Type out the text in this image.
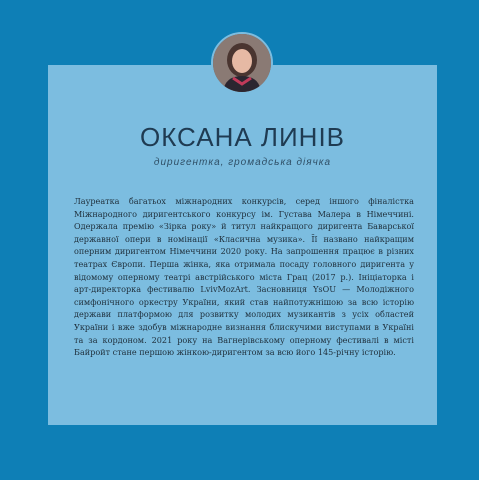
ОКСАНА ЛИНІВ
диригентка, громадська діячка

Лауреатка багатьох міжнародних конкурсів, серед іншого фіналістка Міжнародного диригентського конкурсу ім. Густава Малера в Німеччині. Одержала премію «Зірка року» й титул найкращого диригента Баварської державної опери в номінації «Класична музика». Її названо найкращим оперним диригентом Німеччини 2020 року. На запрошення працює в різних театрах Європи. Перша жінка, яка отримала посаду головного диригента у відомому оперному театрі австрійського міста Грац (2017 р.). Ініціаторка і арт-директорка фестивалю LvivMozArt. Засновниця YsOU — Молодіжного симфонічного оркестру України, який став найпотужнішою за всю історію держави платформою для розвитку молодих музикантів з усіх областей України і вже здобув міжнародне визнання блискучими виступами в Україні та за кордоном. 2021 року на Вагнерівському оперному фестивалі в місті Байройт стане першою жінкою-диригентом за всю його 145-річну історію.
